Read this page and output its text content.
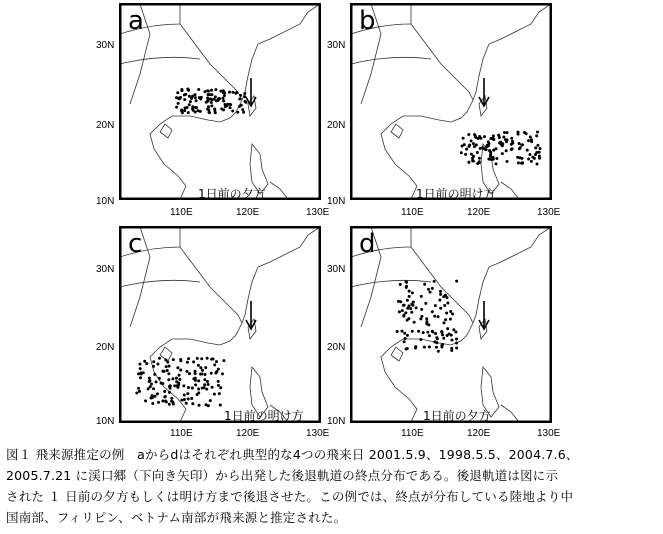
a
1日前の夕方
b
1日前の明け方
c
1日前の明け方
d
1日前の夕方
30N
20N
10N
30N
20N
10N
30N
20N
10N
30N
20N
10N
110E	120E	130E	110E	120E	130E
110E	120E	130E	110E	120E	130E

図１ 飛来源推定の例　aからdはそれぞれ典型的な4つの飛来日 2001.5.9、1998.5.5、2004.7.6、

2005.7.21 に渓口郷（下向き矢印）から出発した後退軌道の終点分布である。後退軌道は図に示

された １ 日前の夕方もしくは明け方まで後退させた。この例では、終点が分布している陸地より中

国南部、フィリピン、ベトナム南部が飛来源と推定された。
